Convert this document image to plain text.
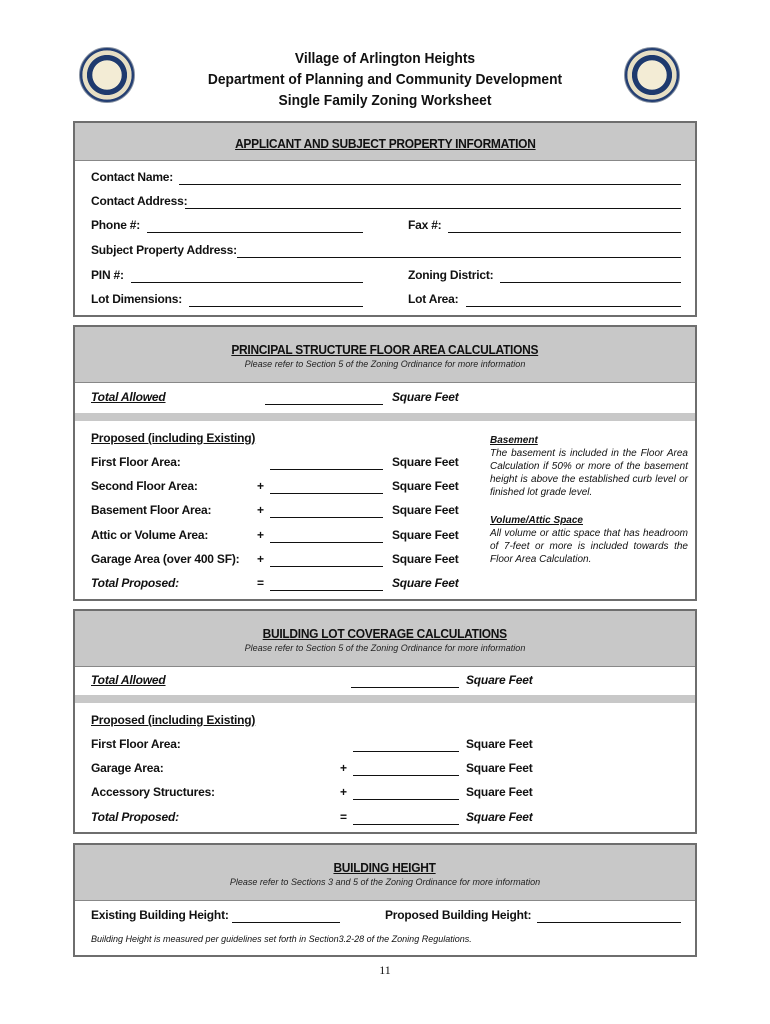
Village of Arlington Heights
Department of Planning and Community Development
Single Family Zoning Worksheet
APPLICANT AND SUBJECT PROPERTY INFORMATION
Contact Name:
Contact Address:
Phone #:	Fax #:
Subject Property Address:
PIN #:	Zoning District:
Lot Dimensions:	Lot Area:
PRINCIPAL STRUCTURE FLOOR AREA CALCULATIONS
Please refer to Section 5 of the Zoning Ordinance for more information
Total Allowed	Square Feet
Proposed (including Existing)
First Floor Area:	Square Feet
Second Floor Area:	+	Square Feet
Basement Floor Area:	+	Square Feet
Attic or Volume Area:	+	Square Feet
Garage Area (over 400 SF): +	Square Feet
Total Proposed:	=	Square Feet
Basement
The basement is included in the Floor Area Calculation if 50% or more of the basement height is above the established curb level or finished lot grade level.
Volume/Attic Space
All volume or attic space that has headroom of 7-feet or more is included towards the Floor Area Calculation.
BUILDING LOT COVERAGE CALCULATIONS
Please refer to Section 5 of the Zoning Ordinance for more information
Total Allowed	Square Feet
Proposed (including Existing)
First Floor Area:	Square Feet
Garage Area:	+	Square Feet
Accessory Structures:	+	Square Feet
Total Proposed:	=	Square Feet
BUILDING HEIGHT
Please refer to Sections 3 and 5 of the Zoning Ordinance for more information
Existing Building Height:	Proposed Building Height:
Building Height is measured per guidelines set forth in Section3.2-28 of the Zoning Regulations.
11
